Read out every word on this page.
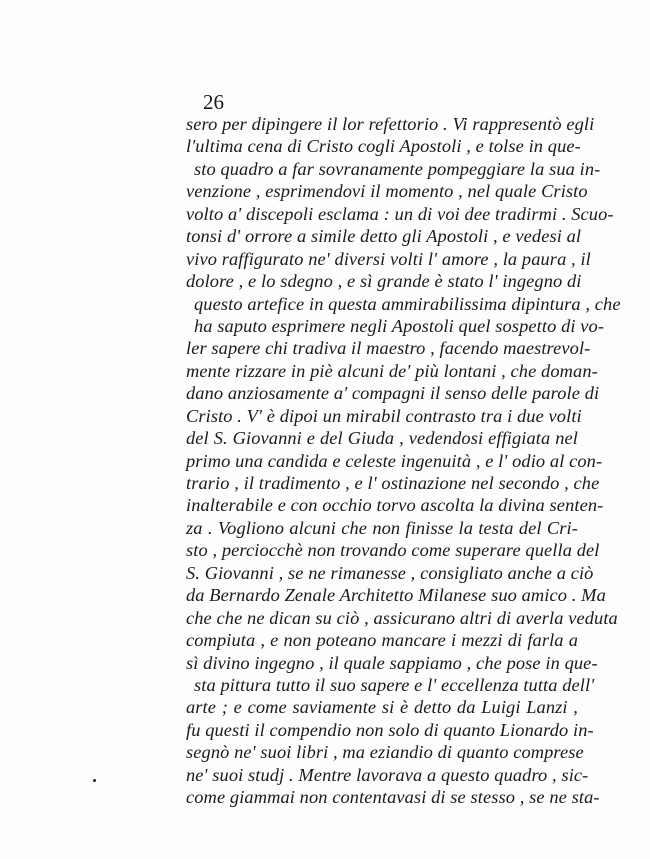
26
sero per dipingere il lor refettorio . Vi rappresentò egli
l'ultima cena di Cristo cogli Apostoli , e tolse in que-
sto quadro a far sovranamente pompeggiare la sua in-
venzione , esprimendovi il momento , nel quale Cristo
volto a' discepoli esclama : un di voi dee tradirmi . Scuo-
tonsi d' orrore a simile detto gli Apostoli , e vedesi al
vivo raffigurato ne' diversi volti l' amore , la paura , il
dolore , e lo sdegno , e sì grande è stato l' ingegno di
questo artefice in questa ammirabilissima dipintura , che
ha saputo esprimere negli Apostoli quel sospetto di vo-
ler sapere chi tradiva il maestro , facendo maestrevol-
mente rizzare in piè alcuni de' più lontani , che doman-
dano anziosamente a' compagni il senso delle parole di
Cristo . V' è dipoi un mirabil contrasto tra i due volti
del S. Giovanni e del Giuda , vedendosi effigiata nel
primo una candida e celeste ingenuità , e l' odio al con-
trario , il tradimento , e l' ostinazione nel secondo , che
inalterabile e con occhio torvo ascolta la divina senten-
za . Vogliono alcuni che non finisse la testa del Cri-
sto , perciocchè non trovando come superare quella del
S. Giovanni , se ne rimanesse , consigliato anche a ciò
da Bernardo Zenale Architetto Milanese suo amico . Ma
che che ne dican su ciò , assicurano altri di averla veduta
compiuta , e non poteano mancare i mezzi di farla a
sì divino ingegno , il quale sappiamo , che pose in que-
sta pittura tutto il suo sapere e l' eccellenza tutta dell'
arte ; e come saviamente si è detto da Luigi Lanzi ,
fu questi il compendio non solo di quanto Lionardo in-
segnò ne' suoi libri , ma eziandio di quanto comprese
ne' suoi studj . Mentre lavorava a questo quadro , sic-
come giammai non contentavasi di se stesso , se ne sta-
